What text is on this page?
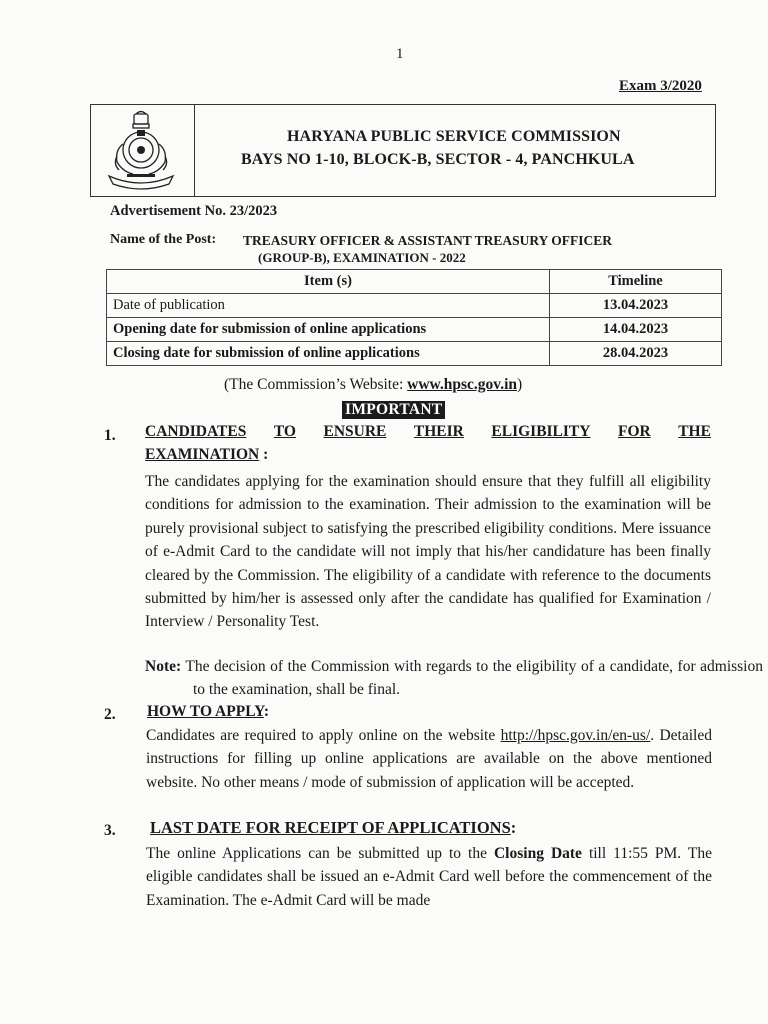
1
Exam 3/2020
HARYANA PUBLIC SERVICE COMMISSION
BAYS NO 1-10, BLOCK-B, SECTOR - 4, PANCHKULA
Advertisement No. 23/2023
Name of the Post: TREASURY OFFICER & ASSISTANT TREASURY OFFICER
(GROUP-B), EXAMINATION - 2022
Item (s)	Timeline
Date of publication	13.04.2023
Opening date for submission of online applications	14.04.2023
Closing date for submission of online applications	28.04.2023
(The Commission’s Website: www.hpsc.gov.in)
IMPORTANT
1. CANDIDATES TO ENSURE THEIR ELIGIBILITY FOR THE
EXAMINATION :
The candidates applying for the examination should ensure that they fulfill all eligibility conditions for admission to the examination. Their admission to the examination will be purely provisional subject to satisfying the prescribed eligibility conditions. Mere issuance of e-Admit Card to the candidate will not imply that his/her candidature has been finally cleared by the Commission. The eligibility of a candidate with reference to the documents submitted by him/her is assessed only after the candidate has qualified for Examination / Interview / Personality Test.
Note: The decision of the Commission with regards to the eligibility of a candidate, for admission to the examination, shall be final.
2. HOW TO APPLY:
Candidates are required to apply online on the website http://hpsc.gov.in/en-us/. Detailed instructions for filling up online applications are available on the above mentioned website. No other means / mode of submission of application will be accepted.
3. LAST DATE FOR RECEIPT OF APPLICATIONS:
The online Applications can be submitted up to the Closing Date till 11:55 PM. The eligible candidates shall be issued an e-Admit Card well before the commencement of the Examination. The e-Admit Card will be made
